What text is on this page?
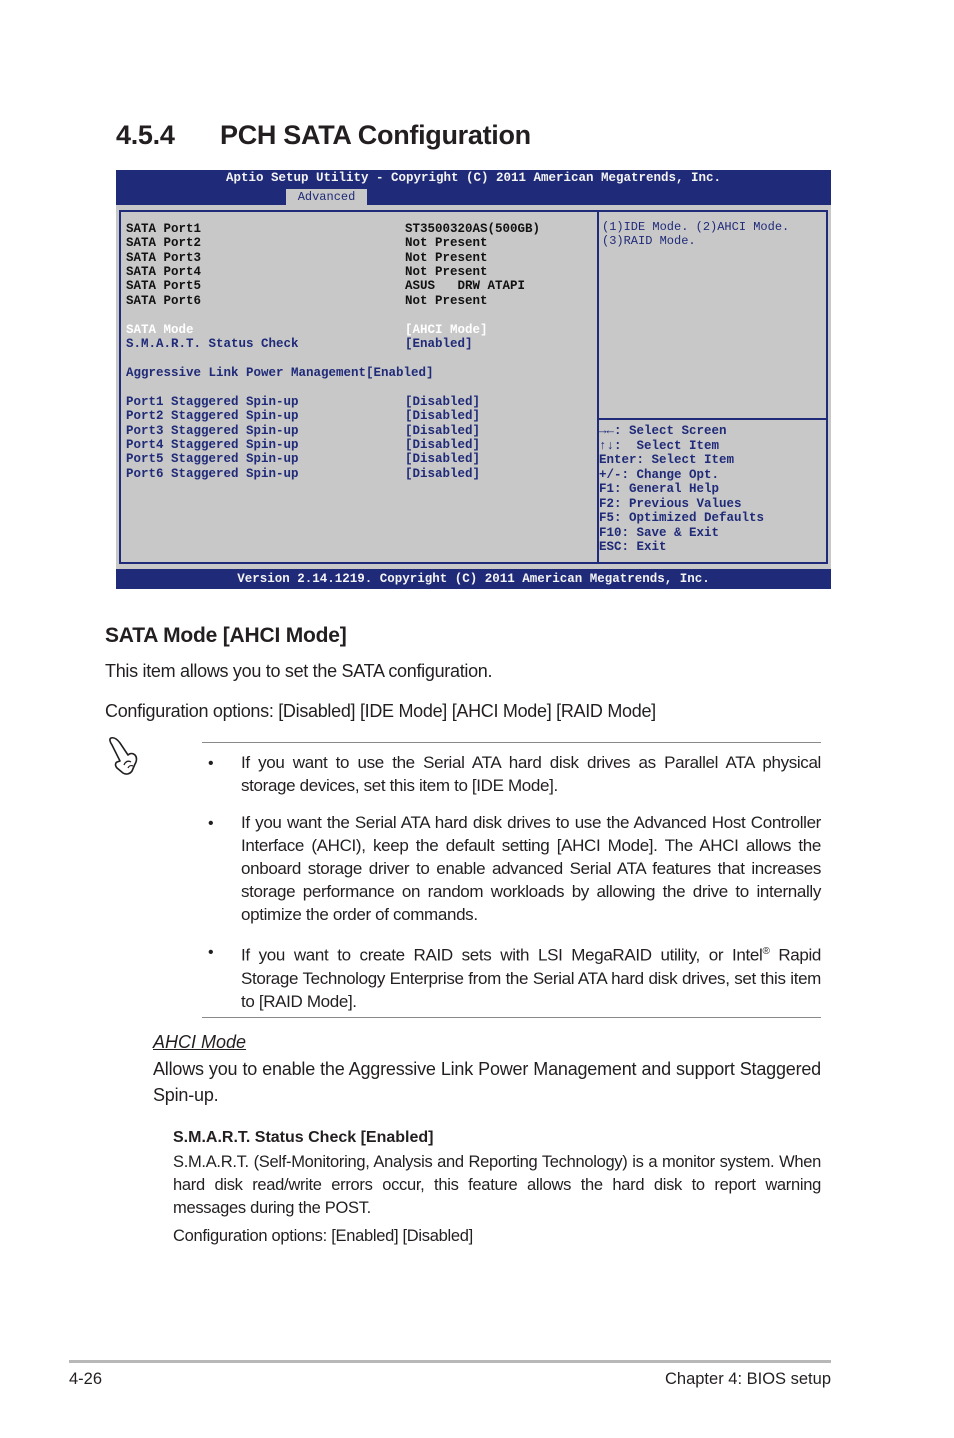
4.5.4 PCH SATA Configuration
Aptio Setup Utility - Copyright (C) 2011 American Megatrends, Inc.
Advanced
SATA Port1	ST3500320AS(500GB)
SATA Port2	Not Present
SATA Port3	Not Present
SATA Port4	Not Present
SATA Port5	ASUS   DRW ATAPI
SATA Port6	Not Present
SATA Mode	[AHCI Mode]
S.M.A.R.T. Status Check	[Enabled]
Aggressive Link Power Management[Enabled]
Port1 Staggered Spin-up	[Disabled]
Port2 Staggered Spin-up	[Disabled]
Port3 Staggered Spin-up	[Disabled]
Port4 Staggered Spin-up	[Disabled]
Port5 Staggered Spin-up	[Disabled]
Port6 Staggered Spin-up	[Disabled]
(1)IDE Mode. (2)AHCI Mode.
(3)RAID Mode.
→←: Select Screen
↑↓:  Select Item
Enter: Select Item
+/-: Change Opt.
F1: General Help
F2: Previous Values
F5: Optimized Defaults
F10: Save & Exit
ESC: Exit
Version 2.14.1219. Copyright (C) 2011 American Megatrends, Inc.
SATA Mode [AHCI Mode]
This item allows you to set the SATA configuration.
Configuration options: [Disabled] [IDE Mode] [AHCI Mode] [RAID Mode]
• If you want to use the Serial ATA hard disk drives as Parallel ATA physical storage devices, set this item to [IDE Mode].
• If you want the Serial ATA hard disk drives to use the Advanced Host Controller Interface (AHCI), keep the default setting [AHCI Mode]. The AHCI allows the onboard storage driver to enable advanced Serial ATA features that increases storage performance on random workloads by allowing the drive to internally optimize the order of commands.
• If you want to create RAID sets with LSI MegaRAID utility, or Intel® Rapid Storage Technology Enterprise from the Serial ATA hard disk drives, set this item to [RAID Mode].
AHCI Mode
Allows you to enable the Aggressive Link Power Management and support Staggered Spin-up.
S.M.A.R.T. Status Check [Enabled]
S.M.A.R.T. (Self-Monitoring, Analysis and Reporting Technology) is a monitor system. When hard disk read/write errors occur, this feature allows the hard disk to report warning messages during the POST.
Configuration options: [Enabled] [Disabled]
4-26	Chapter 4: BIOS setup
